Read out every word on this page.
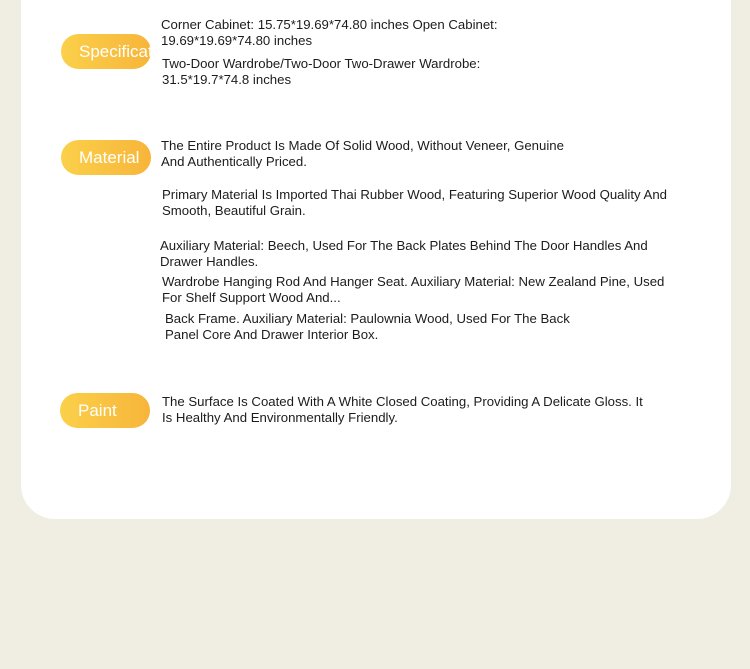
Specifications

Corner Cabinet: 15.75*19.69*74.80 inches Open Cabinet:
19.69*19.69*74.80 inches

Two-Door Wardrobe/Two-Door Two-Drawer Wardrobe:
31.5*19.7*74.8 inches

Material

The Entire Product Is Made Of Solid Wood, Without Veneer, Genuine
And Authentically Priced.

Primary Material Is Imported Thai Rubber Wood, Featuring Superior Wood Quality And
Smooth, Beautiful Grain.

Auxiliary Material: Beech, Used For The Back Plates Behind The Door Handles And
Drawer Handles.

Wardrobe Hanging Rod And Hanger Seat. Auxiliary Material: New Zealand Pine, Used
For Shelf Support Wood And...

Back Frame. Auxiliary Material: Paulownia Wood, Used For The Back
Panel Core And Drawer Interior Box.

Paint	The Surface Is Coated With A White Closed Coating, Providing A Delicate Gloss. It
Is Healthy And Environmentally Friendly.
